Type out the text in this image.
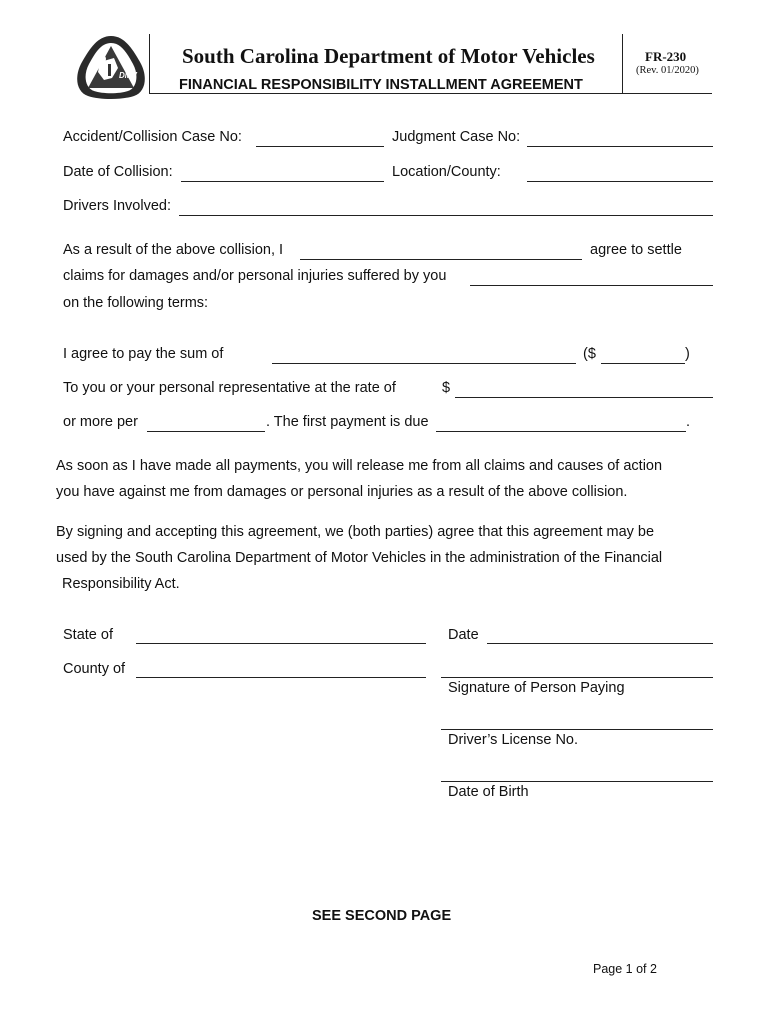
DMV
South Carolina Department of Motor Vehicles
FINANCIAL RESPONSIBILITY INSTALLMENT AGREEMENT
FR-230
(Rev. 01/2020)
Accident/Collision Case No:	Judgment Case No:
Date of Collision:	Location/County:
Drivers Involved:
As a result of the above collision, I	agree to settle
claims for damages and/or personal injuries suffered by you
on the following terms:
I agree to pay the sum of	($	)
To you or your personal representative at the rate of	$
or more per	. The first payment is due	.
As soon as I have made all payments, you will release me from all claims and causes of action
you have against me from damages or personal injuries as a result of the above collision.
By signing and accepting this agreement, we (both parties) agree that this agreement may be
used by the South Carolina Department of Motor Vehicles in the administration of the Financial
Responsibility Act.
State of	Date
County of
Signature of Person Paying
Driver’s License No.
Date of Birth
SEE SECOND PAGE
Page 1 of 2
